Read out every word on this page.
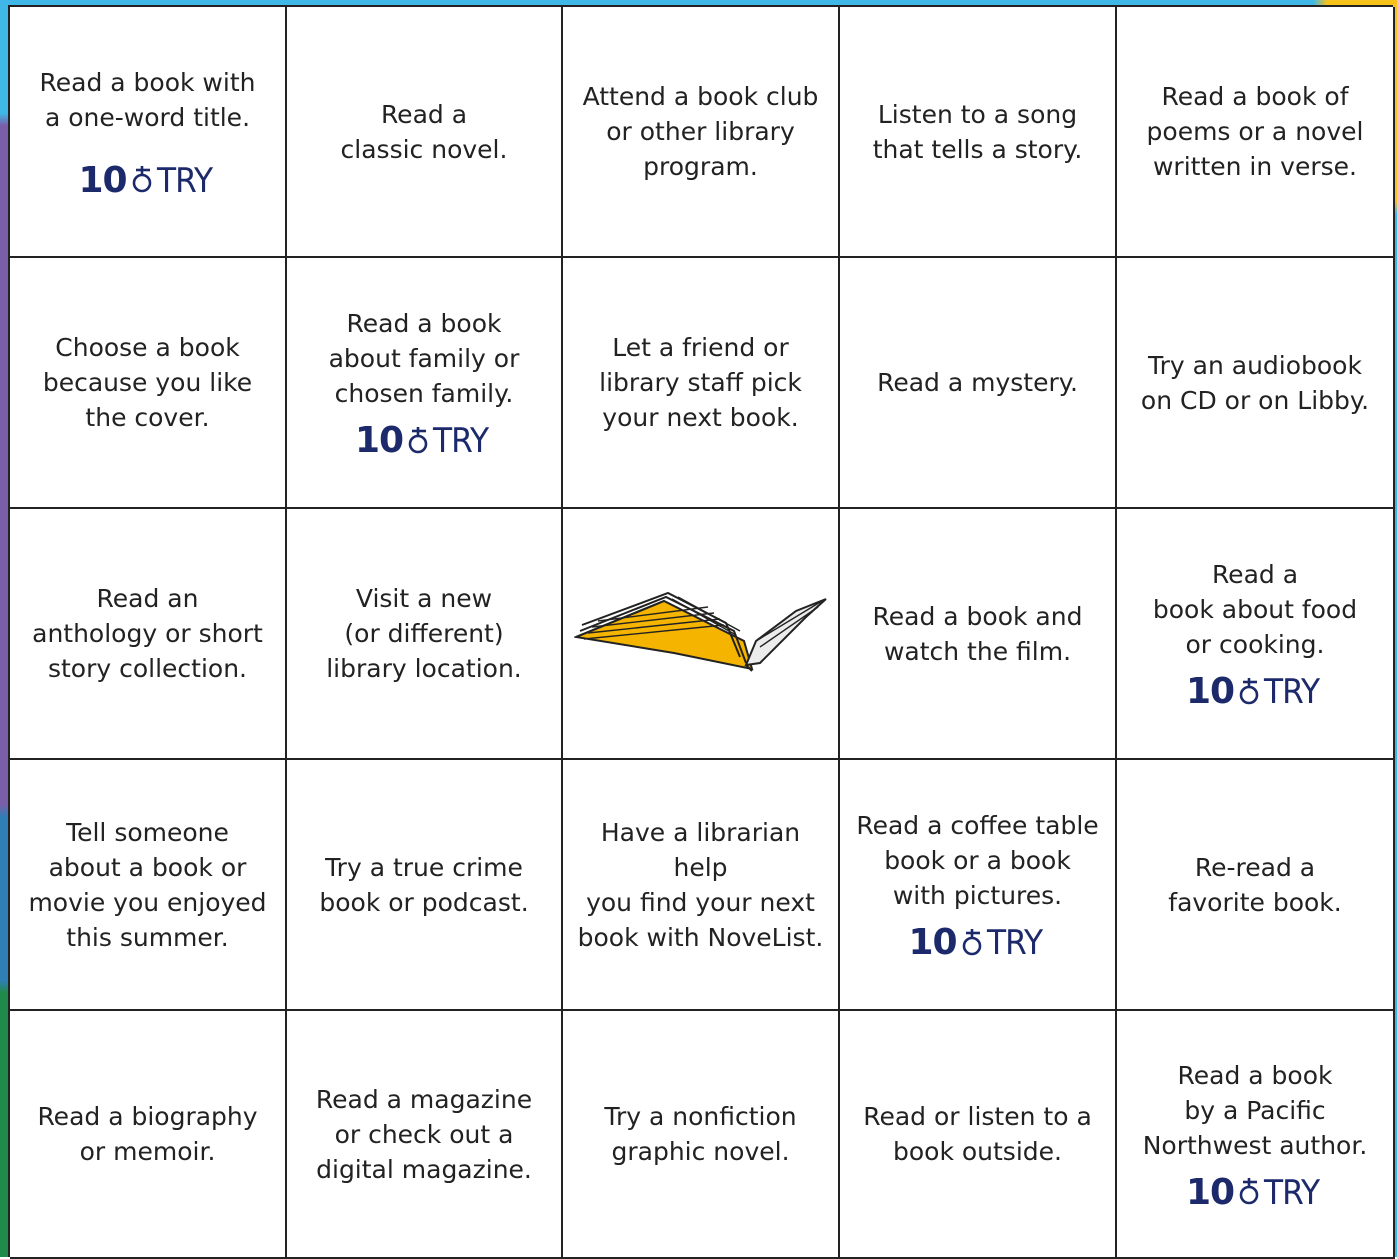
Read a book with
a one-word title.
10 TRY
Read a
classic novel.
Attend a book club
or other library
program.
Listen to a song
that tells a story.
Read a book of
poems or a novel
written in verse.
Choose a book
because you like
the cover.
Read a book
about family or
chosen family.
10 TRY
Let a friend or
library staff pick
your next book.
Read a mystery.
Try an audiobook
on CD or on Libby.
Read an
anthology or short
story collection.
Visit a new
(or different)
library location.
Read a book and
watch the film.
Read a
book about food
or cooking.
10 TRY
Tell someone
about a book or
movie you enjoyed
this summer.
Try a true crime
book or podcast.
Have a librarian help
you find your next
book with NoveList.
Read a coffee table
book or a book
with pictures.
10 TRY
Re-read a
favorite book.
Read a biography
or memoir.
Read a magazine
or check out a
digital magazine.
Try a nonfiction
graphic novel.
Read or listen to a
book outside.
Read a book
by a Pacific
Northwest author.
10 TRY
